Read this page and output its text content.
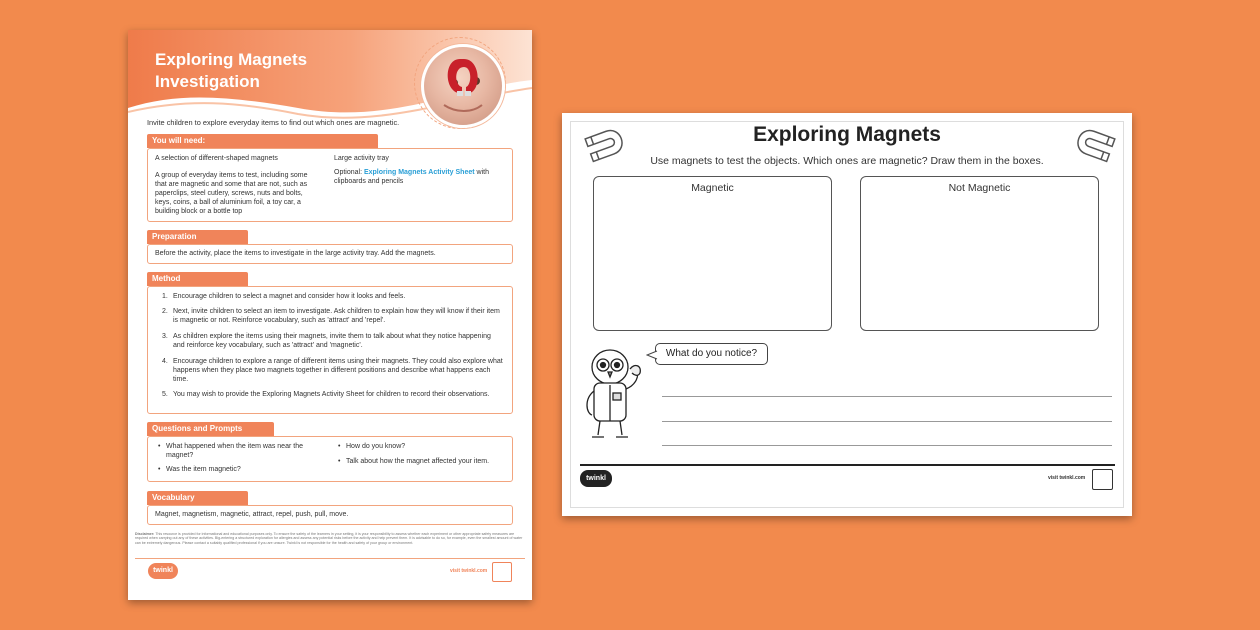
Exploring Magnets
Investigation
Invite children to explore everyday items to find out which ones are magnetic.
You will need:
A selection of different-shaped magnets
A group of everyday items to test, including some that are magnetic and some that are not, such as paperclips, steel cutlery, screws, nuts and bolts, keys, coins, a ball of aluminium foil, a toy car, a building block or a bottle top
Large activity tray
Optional: Exploring Magnets Activity Sheet with clipboards and pencils
Preparation
Before the activity, place the items to investigate in the large activity tray. Add the magnets.
Method
1. Encourage children to select a magnet and consider how it looks and feels.
2. Next, invite children to select an item to investigate. Ask children to explain how they will know if their item is magnetic or not. Reinforce vocabulary, such as 'attract' and 'repel'.
3. As children explore the items using their magnets, invite them to talk about what they notice happening and reinforce key vocabulary, such as 'attract' and 'magnetic'.
4. Encourage children to explore a range of different items using their magnets. They could also explore what happens when they place two magnets together in different positions and describe what happens each time.
5. You may wish to provide the Exploring Magnets Activity Sheet for children to record their observations.
Questions and Prompts
• What happened when the item was near the magnet?
• Was the item magnetic?
• How do you know?
• Talk about how the magnet affected your item.
Vocabulary
Magnet, magnetism, magnetic, attract, repel, push, pull, move.
Disclaimer: This resource is provided for informational and educational purposes only. To ensure the safety of the learners in your setting, it is your responsibility to assess whether each experiment or other appropriate safety measures are required when carrying out any of these activities. Big-entering a structured exploration for allergies and assess any potential risks before the activity and help prevent them. It is advisable to do so, for example, even the smallest amount of water can be extremely dangerous. Please contact a suitably qualified professional if you are unsure. Twinkl is not responsible for the health and safety of your group or environment.
twinkl	visit twinkl.com
Exploring Magnets
Use magnets to test the objects. Which ones are magnetic? Draw them in the boxes.
Magnetic	Not Magnetic
What do you notice?
twinkl	visit twinkl.com
